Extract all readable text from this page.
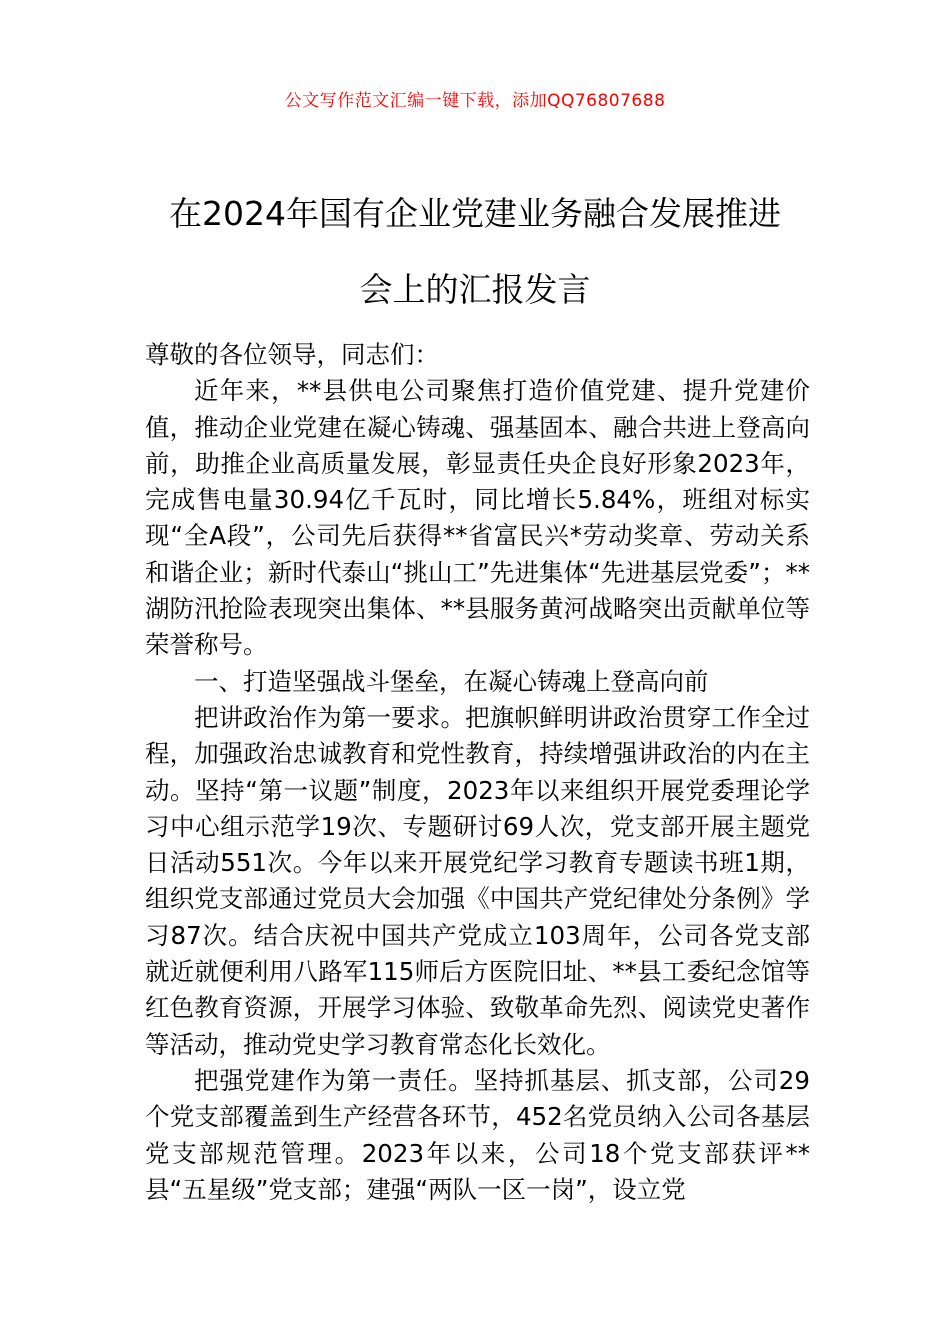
公文写作范文汇编一键下载，添加QQ76807688
在2024年国有企业党建业务融合发展推进
会上的汇报发言

尊敬的各位领导，同志们：

近年来，**县供电公司聚焦打造价值党建、提升党建价值，推动企业党建在凝心铸魂、强基固本、融合共进上登高向前，助推企业高质量发展，彰显责任央企良好形象2023年，完成售电量30.94亿千瓦时，同比增长5.84%，班组对标实现“全A段”，公司先后获得**省富民兴*劳动奖章、劳动关系和谐企业；新时代泰山“挑山工”先进集体“先进基层党委”；**湖防汛抢险表现突出集体、**县服务黄河战略突出贡献单位等荣誉称号。

一、打造坚强战斗堡垒，在凝心铸魂上登高向前

把讲政治作为第一要求。把旗帜鲜明讲政治贯穿工作全过程，加强政治忠诚教育和党性教育，持续增强讲政治的内在主动。坚持“第一议题”制度，2023年以来组织开展党委理论学习中心组示范学19次、专题研讨69人次，党支部开展主题党日活动551次。今年以来开展党纪学习教育专题读书班1期，组织党支部通过党员大会加强《中国共产党纪律处分条例》学习87次。结合庆祝中国共产党成立103周年，公司各党支部就近就便利用八路军115师后方医院旧址、**县工委纪念馆等红色教育资源，开展学习体验、致敬革命先烈、阅读党史著作等活动，推动党史学习教育常态化长效化。

把强党建作为第一责任。坚持抓基层、抓支部，公司29个党支部覆盖到生产经营各环节，452名党员纳入公司各基层党支部规范管理。2023年以来，公司18个党支部获评**县“五星级”党支部；建强“两队一区一岗”，设立党
